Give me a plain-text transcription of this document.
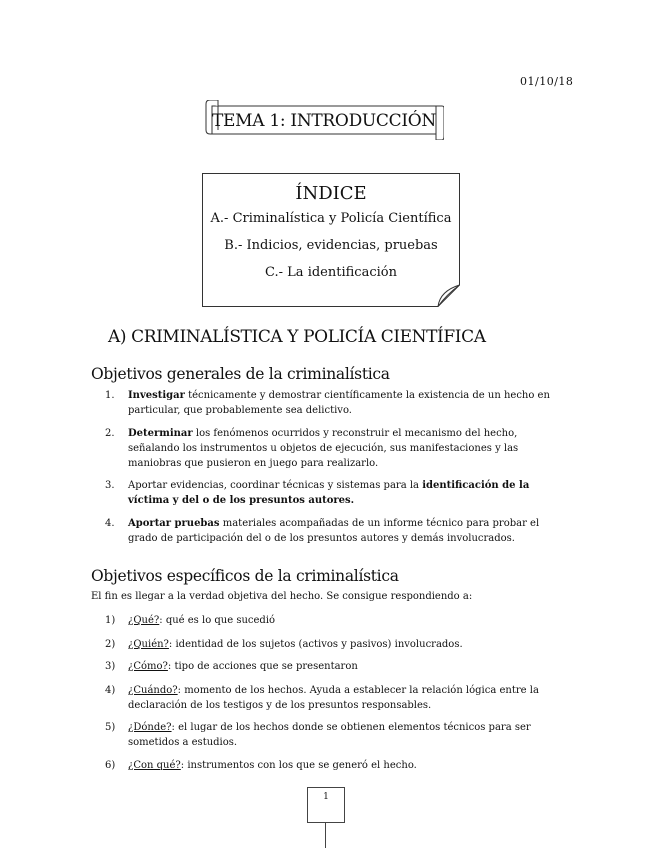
01/10/18
TEMA 1: INTRODUCCIÓN
ÍNDICE
A.- Criminalística y Policía Científica
B.- Indicios, evidencias, pruebas
C.- La identificación
A) CRIMINALÍSTICA Y POLICÍA CIENTÍFICA
Objetivos generales de la criminalística
1.	Investigar técnicamente y demostrar científicamente la existencia de un hecho en particular, que probablemente sea delictivo.
2.	Determinar los fenómenos ocurridos y reconstruir el mecanismo del hecho, señalando los instrumentos u objetos de ejecución, sus manifestaciones y las maniobras que pusieron en juego para realizarlo.
3.	Aportar evidencias, coordinar técnicas y sistemas para la identificación de la víctima y del o de los presuntos autores.
4.	Aportar pruebas materiales acompañadas de un informe técnico para probar el grado de participación del o de los presuntos autores y demás involucrados.
Objetivos específicos de la criminalística
El fin es llegar a la verdad objetiva del hecho. Se consigue respondiendo a:
1)	¿Qué?: qué es lo que sucedió
2)	¿Quién?: identidad de los sujetos (activos y pasivos) involucrados.
3)	¿Cómo?: tipo de acciones que se presentaron
4)	¿Cuándo?: momento de los hechos. Ayuda a establecer la relación lógica entre la declaración de los testigos y de los presuntos responsables.
5)	¿Dónde?: el lugar de los hechos donde se obtienen elementos técnicos para ser sometidos a estudios.
6)	¿Con qué?: instrumentos con los que se generó el hecho.
1
